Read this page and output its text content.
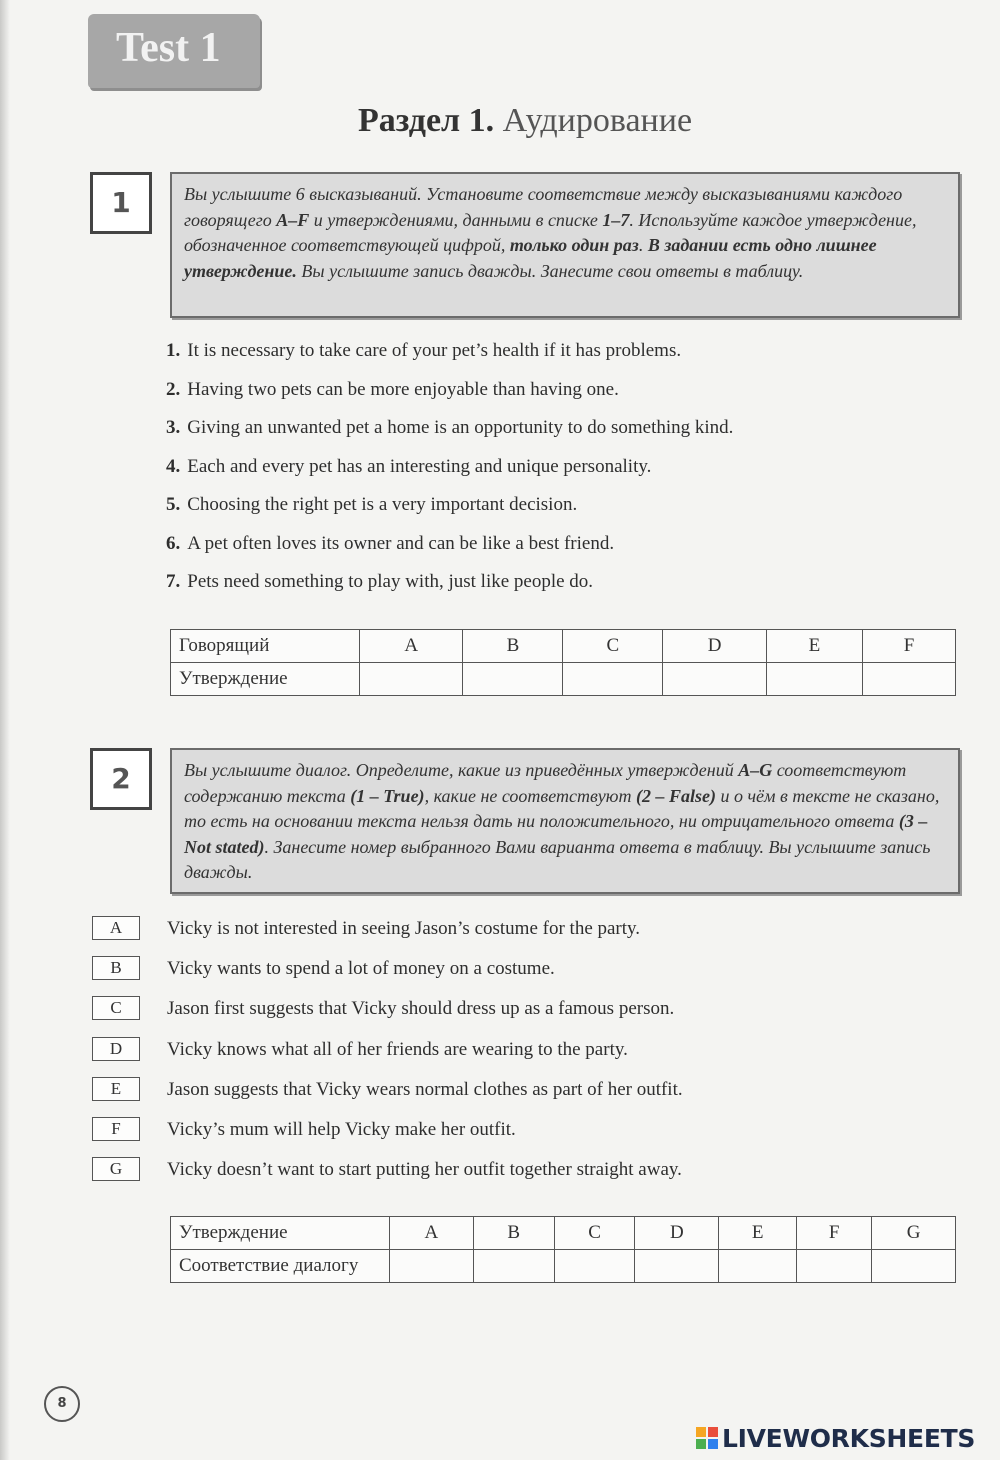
Test 1
Раздел 1. Аудирование
1	Вы услышите 6 высказываний. Установите соответствие между высказываниями каждого говорящего A–F и утверждениями, данными в списке 1–7. Используйте каждое утверждение, обозначенное соответствующей цифрой, только один раз. В задании есть одно лишнее утверждение. Вы услышите запись дважды. Занесите свои ответы в таблицу.
1. It is necessary to take care of your pet’s health if it has problems.
2. Having two pets can be more enjoyable than having one.
3. Giving an unwanted pet a home is an opportunity to do something kind.
4. Each and every pet has an interesting and unique personality.
5. Choosing the right pet is a very important decision.
6. A pet often loves its owner and can be like a best friend.
7. Pets need something to play with, just like people do.
Говорящий	A	B	C	D	E	F
Утверждение						
2	Вы услышите диалог. Определите, какие из приведённых утверждений A–G соответствуют содержанию текста (1 – True), какие не соответствуют (2 – False) и о чём в тексте не сказано, то есть на основании текста нельзя дать ни положительного, ни отрицательного ответа (3 – Not stated). Занесите номер выбранного Вами варианта ответа в таблицу. Вы услышите запись дважды.
A	Vicky is not interested in seeing Jason’s costume for the party.
B	Vicky wants to spend a lot of money on a costume.
C	Jason first suggests that Vicky should dress up as a famous person.
D	Vicky knows what all of her friends are wearing to the party.
E	Jason suggests that Vicky wears normal clothes as part of her outfit.
F	Vicky’s mum will help Vicky make her outfit.
G	Vicky doesn’t want to start putting her outfit together straight away.
Утверждение	A	B	C	D	E	F	G
Соответствие диалогу							
8
LIVEWORKSHEETS
